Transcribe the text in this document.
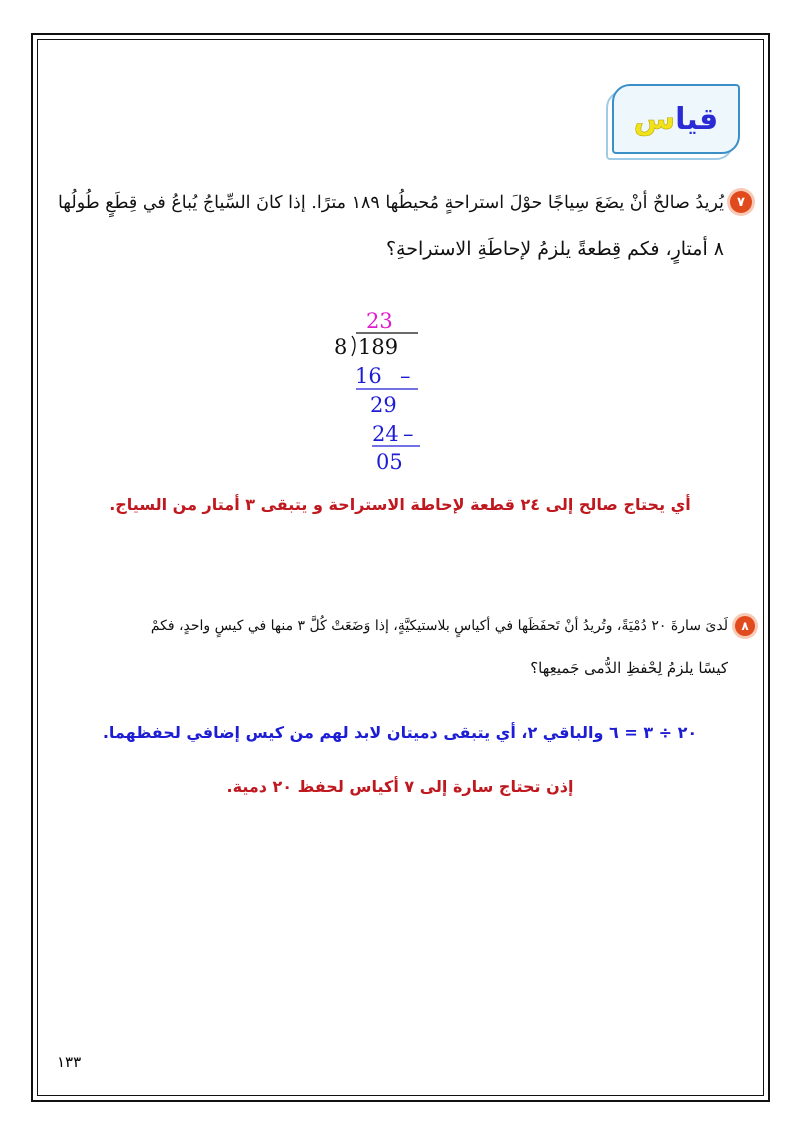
قياس
٧
يُريدُ صالحٌ أنْ يضَعَ سِياجًا حوْلَ استراحةٍ مُحيطُها ١٨٩ مترًا. إذا كانَ السِّياجُ يُباعُ في قِطَعٍ طُولُها
٨ أمتارٍ، فكم قِطعةً يلزمُ لإحاطَةِ الاستراحةِ؟
23
8 189
16 –
29
24 –
05
أي يحتاج صالح إلى ٢٤ قطعة لإحاطة الاستراحة و يتبقى ٣ أمتار من السياج.
٨
لَدىَ سارةَ ٢٠ دُمْيَةً، وتُريدُ أنْ تَحفَظَها في أكياسٍ بلاستيكيَّةٍ، إذا وَضَعَتْ كُلَّ ٣ منها في كيسٍ واحدٍ، فكمْ
كيسًا يلزمُ لِحْفظِ الدُّمى جَميعِها؟
٢٠ ÷ ٣ = ٦ والباقي ٢، أي يتبقى دميتان لابد لهم من كيس إضافي لحفظهما.
إذن تحتاج سارة إلى ٧ أكياس لحفظ ٢٠ دمية.
١٣٣
